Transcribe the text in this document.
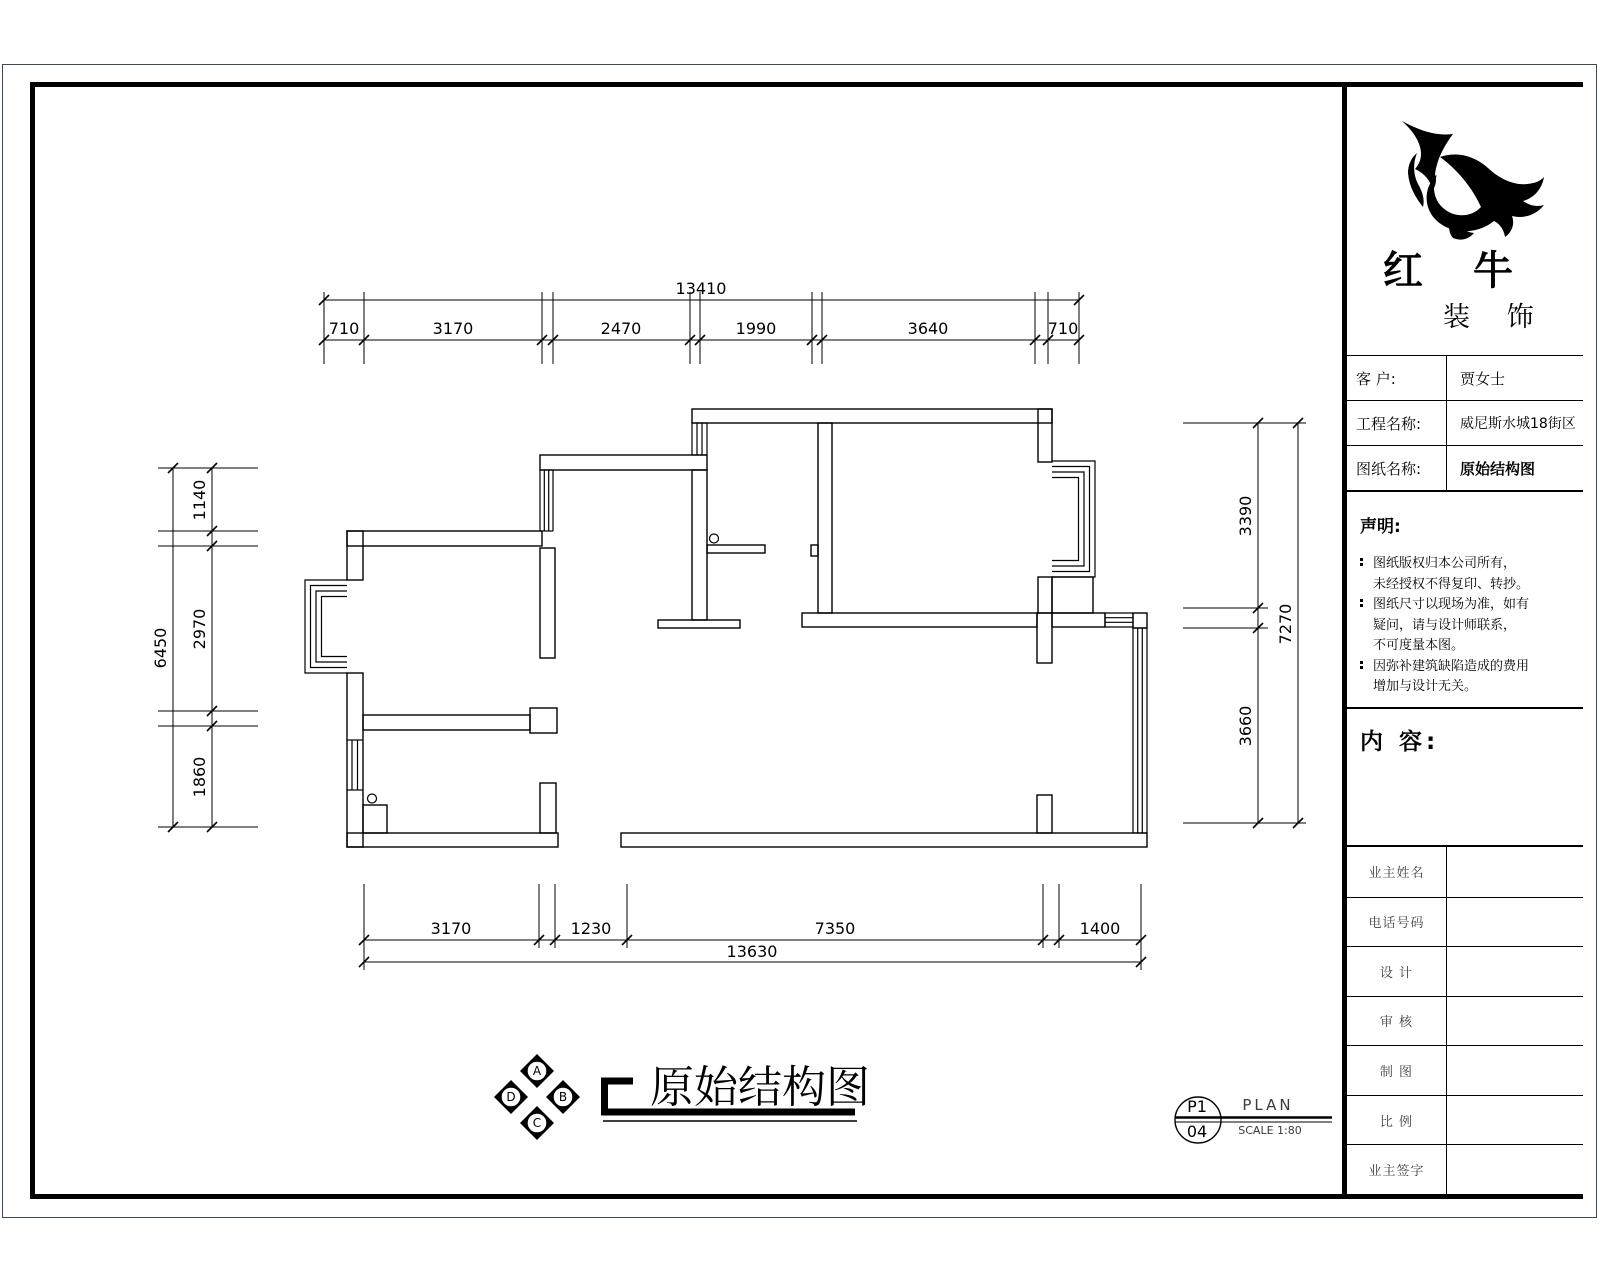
13410
710	3170	2470	1990	3640	710
3170	1230	7350	1400
13630
1140
2970
1860
6450
3390
3660
7270
A
B
C
D	原始结构图	P1
04
PLAN
SCALE 1:80
红 牛
装 饰
客 户:	贾女士
工程名称:	威尼斯水城18街区
图纸名称:	原始结构图
声明:
图纸版权归本公司所有，
未经授权不得复印、转抄。
图纸尺寸以现场为准，如有
疑问，请与设计师联系，
不可度量本图。
因弥补建筑缺陷造成的费用
增加与设计无关。
内 容:
业主姓名
电话号码
设 计
审 核
制 图
比 例
业主签字
